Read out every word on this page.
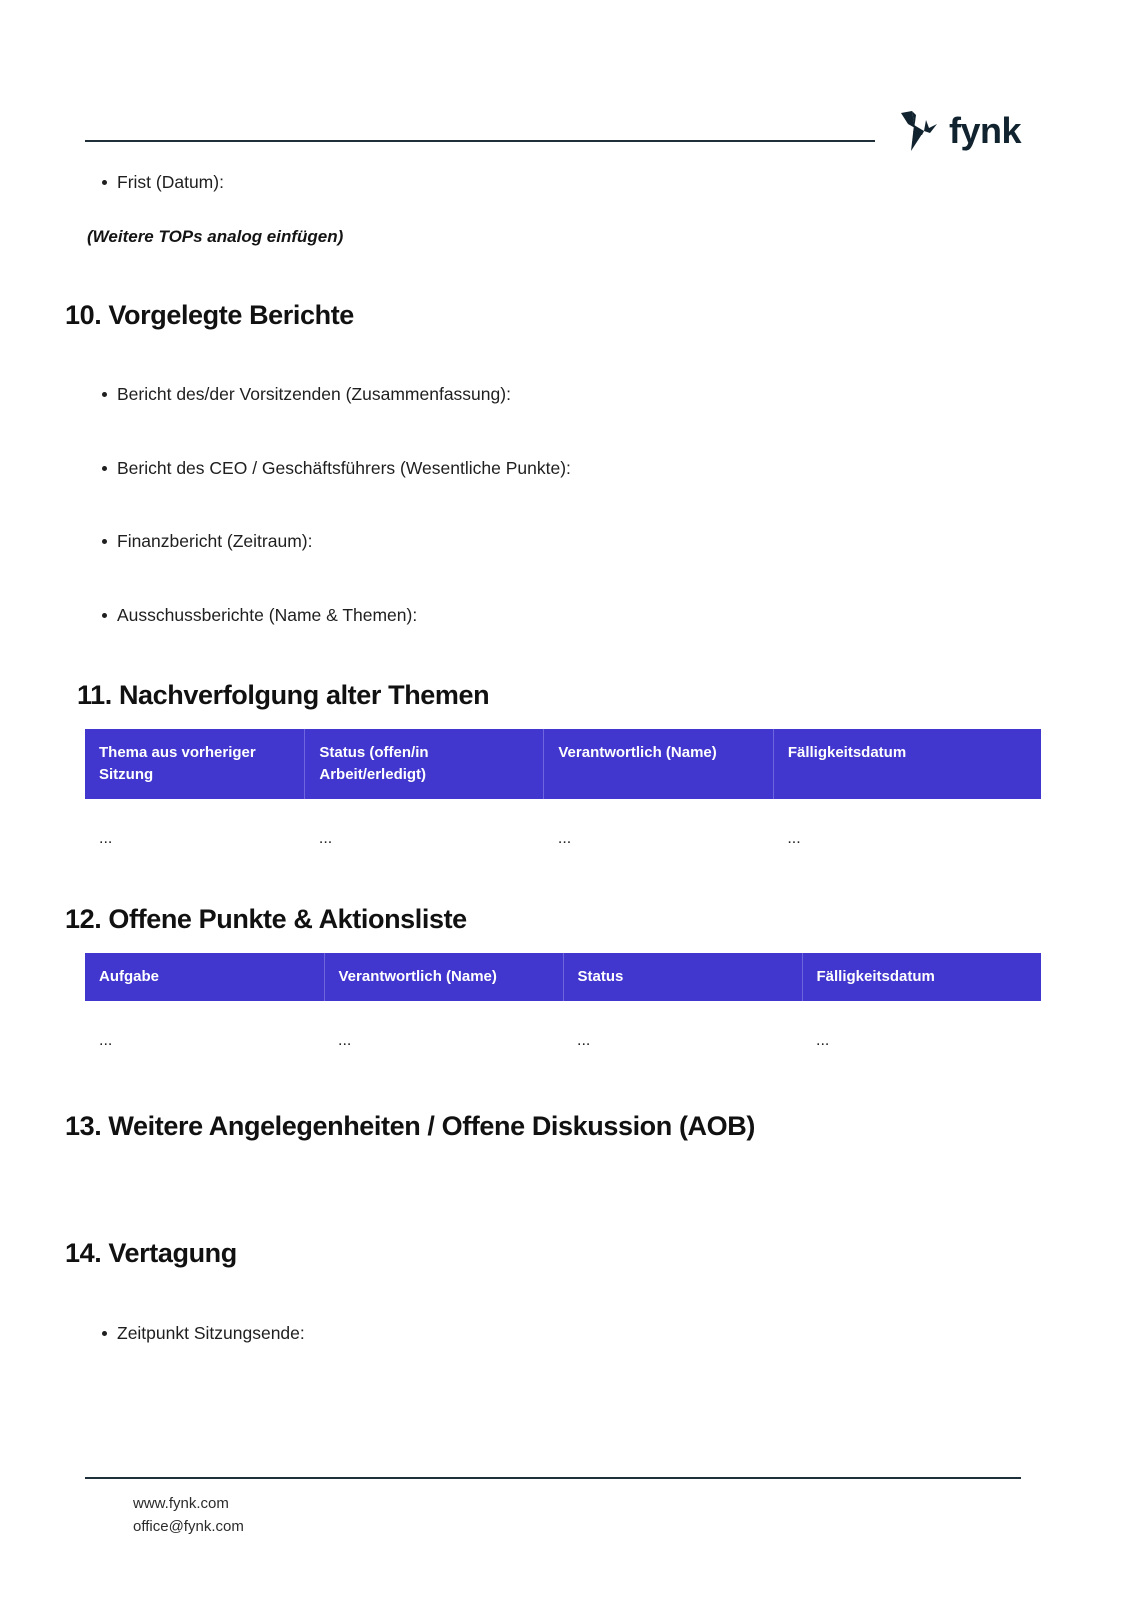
fynk
Frist (Datum):
(Weitere TOPs analog einfügen)
10. Vorgelegte Berichte
Bericht des/der Vorsitzenden (Zusammenfassung):
Bericht des CEO / Geschäftsführers (Wesentliche Punkte):
Finanzbericht (Zeitraum):
Ausschussberichte (Name & Themen):
11. Nachverfolgung alter Themen
Thema aus vorheriger Sitzung	Status (offen/in Arbeit/erledigt)	Verantwortlich (Name)	Fälligkeitsdatum
...	...	...	...
12. Offene Punkte & Aktionsliste
Aufgabe	Verantwortlich (Name)	Status	Fälligkeitsdatum
...	...	...	...
13. Weitere Angelegenheiten / Offene Diskussion (AOB)
14. Vertagung
Zeitpunkt Sitzungsende:
www.fynk.com
office@fynk.com
